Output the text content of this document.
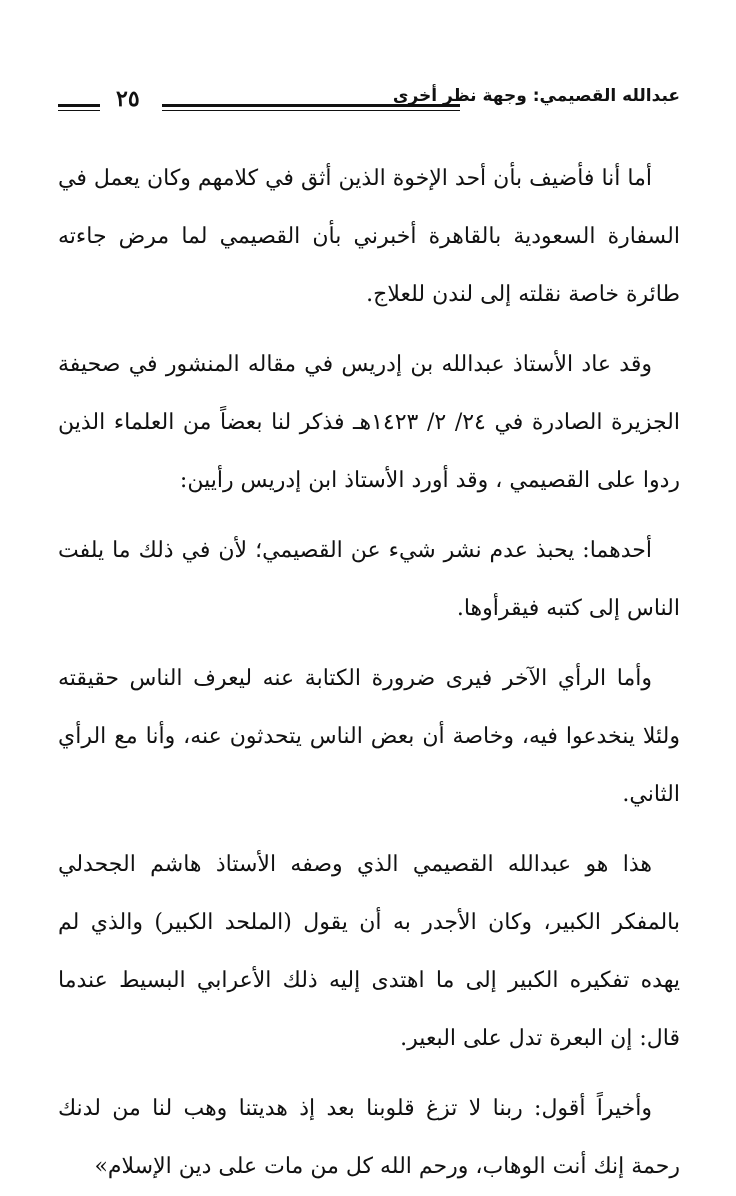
عبدالله القصيمي: وجهة نظر أخرى
٢٥

أما أنا فأضيف بأن أحد الإخوة الذين أثق في كلامهم وكان يعمل في السفارة السعودية بالقاهرة أخبرني بأن القصيمي لما مرض جاءته طائرة خاصة نقلته إلى لندن للعلاج.

وقد عاد الأستاذ عبدالله بن إدريس في مقاله المنشور في صحيفة الجزيرة الصادرة في ٢٤/ ٢/ ١٤٢٣هـ فذكر لنا بعضاً من العلماء الذين ردوا على القصيمي ، وقد أورد الأستاذ ابن إدريس رأيين:

أحدهما: يحبذ عدم نشر شيء عن القصيمي؛ لأن في ذلك ما يلفت الناس إلى كتبه فيقرأوها.

وأما الرأي الآخر فيرى ضرورة الكتابة عنه ليعرف الناس حقيقته ولئلا ينخدعوا فيه، وخاصة أن بعض الناس يتحدثون عنه، وأنا مع الرأي الثاني.

هذا هو عبدالله القصيمي الذي وصفه الأستاذ هاشم الجحدلي بالمفكر الكبير، وكان الأجدر به أن يقول (الملحد الكبير) والذي لم يهده تفكيره الكبير إلى ما اهتدى إليه ذلك الأعرابي البسيط عندما قال: إن البعرة تدل على البعير.

وأخيراً أقول: ربنا لا تزغ قلوبنا بعد إذ هديتنا وهب لنا من لدنك رحمة إنك أنت الوهاب، ورحم الله كل من مات على دين الإسلام»
